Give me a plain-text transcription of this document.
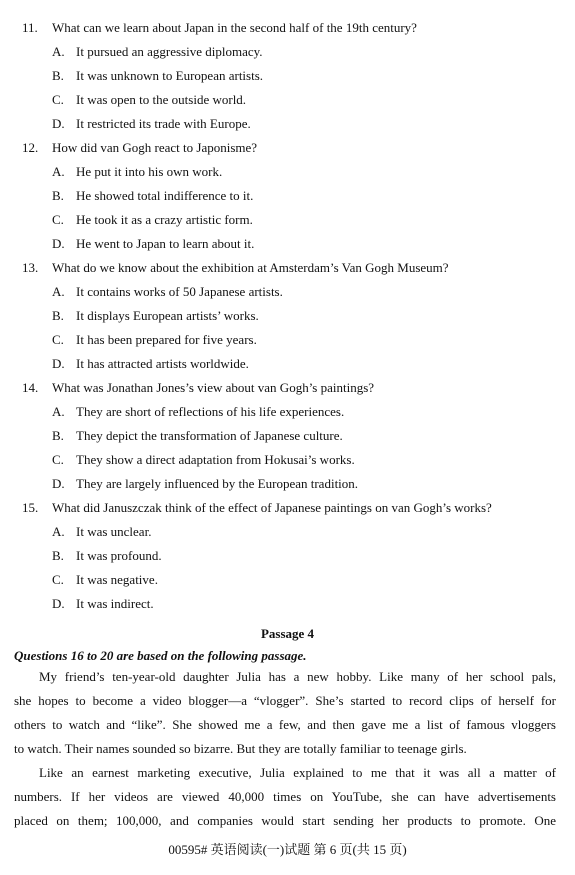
11. What can we learn about Japan in the second half of the 19th century?
A. It pursued an aggressive diplomacy.
B. It was unknown to European artists.
C. It was open to the outside world.
D. It restricted its trade with Europe.
12. How did van Gogh react to Japonisme?
A. He put it into his own work.
B. He showed total indifference to it.
C. He took it as a crazy artistic form.
D. He went to Japan to learn about it.
13. What do we know about the exhibition at Amsterdam’s Van Gogh Museum?
A. It contains works of 50 Japanese artists.
B. It displays European artists’ works.
C. It has been prepared for five years.
D. It has attracted artists worldwide.
14. What was Jonathan Jones’s view about van Gogh’s paintings?
A. They are short of reflections of his life experiences.
B. They depict the transformation of Japanese culture.
C. They show a direct adaptation from Hokusai’s works.
D. They are largely influenced by the European tradition.
15. What did Januszczak think of the effect of Japanese paintings on van Gogh’s works?
A. It was unclear.
B. It was profound.
C. It was negative.
D. It was indirect.
Passage 4
Questions 16 to 20 are based on the following passage.
My friend’s ten-year-old daughter Julia has a new hobby. Like many of her school pals,
she hopes to become a video blogger—a “vlogger”. She’s started to record clips of herself for
others to watch and “like”. She showed me a few, and then gave me a list of famous vloggers
to watch. Their names sounded so bizarre. But they are totally familiar to teenage girls.
Like an earnest marketing executive, Julia explained to me that it was all a matter of
numbers. If her videos are viewed 40,000 times on YouTube, she can have advertisements
placed on them; 100,000, and companies would start sending her products to promote. One
00595# 英语阅读(一)试题 第 6 页(共 15 页)
